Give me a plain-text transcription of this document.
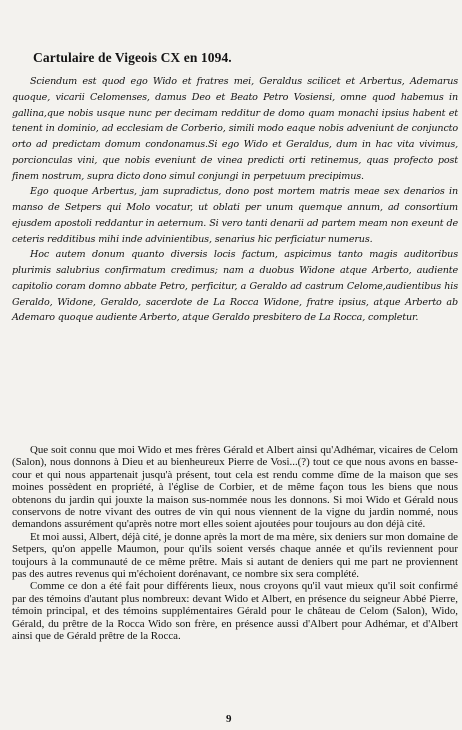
Cartulaire de Vigeois CX en 1094.

Sciendum est quod ego Wido et fratres mei, Geraldus scilicet et Arbertus, Ademarus quoque, vicarii Celomenses, damus Deo et Beato Petro Vosiensi, omne quod habemus in gallina,que nobis usque nunc per decimam redditur de domo quam monachi ipsius habent et tenent in dominio, ad ecclesiam de Corberio, simili modo eaque nobis adveniunt de conjuncto orto ad predictam domum condonamus.Si ego Wido et Geraldus, dum in hac vita vivimus, porcionculas vini, que nobis eveniunt de vinea predicti orti retinemus, quas profecto post finem nostrum, supra dicto dono simul conjungi in perpetuum precipimus.

Ego quoque Arbertus, jam supradictus, dono post mortem matris meae sex denarios in manso de Setpers qui Molo vocatur, ut oblati per unum quemque annum, ad consortium ejusdem apostoli reddantur in aeternum. Si vero tanti denarii ad partem meam non exeunt de ceteris redditibus mihi inde advinientibus, senarius hic perficiatur numerus.

Hoc autem donum quanto diversis locis factum, aspicimus tanto magis auditoribus plurimis salubrius confirmatum credimus; nam a duobus Widone atque Arberto, audiente capitolio coram domno abbate Petro, perficitur, a Geraldo ad castrum Celome,audientibus his Geraldo, Widone, Geraldo, sacerdote de La Rocca Widone, fratre ipsius, atque Arberto ab Ademaro quoque audiente Arberto, atque Geraldo presbitero de La Rocca, completur.

Que soit connu que moi Wido et mes frères Gérald et Albert ainsi qu'Adhémar, vicaires de Celom (Salon), nous donnons à Dieu et au bienheureux Pierre de Vosi...(?) tout ce que nous avons en basse-cour et qui nous appartenait jusqu'à présent, tout cela est rendu comme dîme de la maison que ses moines possèdent en propriété, à l'église de Corbier, et de même façon tous les biens que nous obtenons du jardin qui jouxte la maison sus-nommée nous les donnons. Si moi Wido et Gérald nous conservons de notre vivant des outres de vin qui nous viennent de la vigne du jardin nommé, nous demandons assurément qu'après notre mort elles soient ajoutées pour toujours au don déjà cité.

Et moi aussi, Albert, déjà cité, je donne après la mort de ma mère, six deniers sur mon domaine de Setpers, qu'on appelle Maumon, pour qu'ils soient versés chaque année et qu'ils reviennent pour toujours à la communauté de ce même prêtre. Mais si autant de deniers qui me part ne proviennent pas des autres revenus qui m'échoient dorénavant, ce nombre six sera complété.

Comme ce don a été fait pour différents lieux, nous croyons qu'il vaut mieux qu'il soit confirmé par des témoins d'autant plus nombreux: devant Wido et Albert, en présence du seigneur Abbé Pierre, témoin principal, et des témoins supplémentaires Gérald pour le château de Celom (Salon), Wido, Gérald, du prêtre de la Rocca Wido son frère, en présence aussi d'Albert pour Adhémar, et d'Albert ainsi que de Gérald prêtre de la Rocca.

9
